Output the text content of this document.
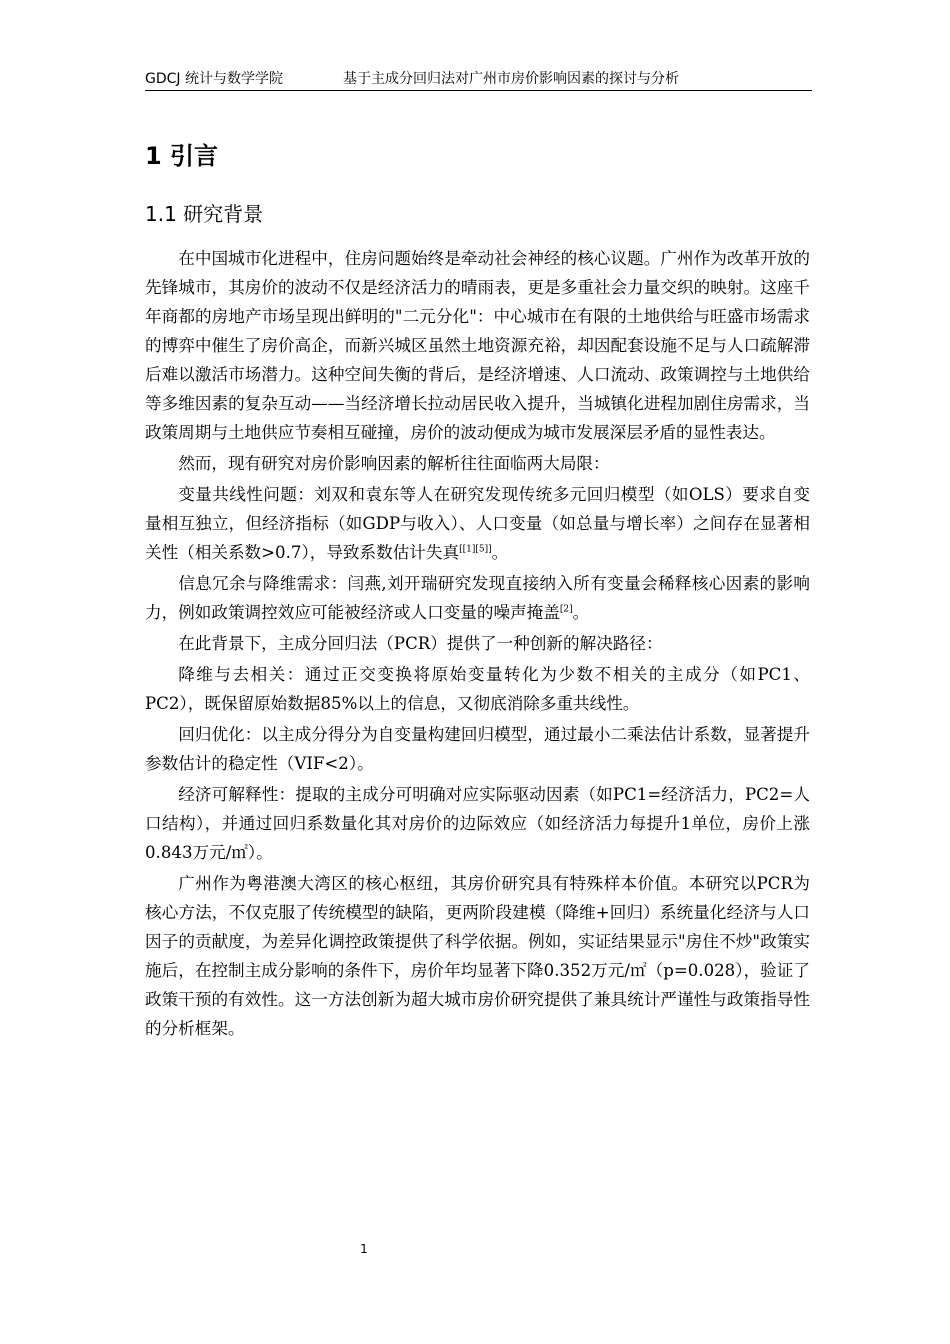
GDCJ 统计与数学学院	基于主成分回归法对广州市房价影响因素的探讨与分析
1 引言
1.1 研究背景

在中国城市化进程中，住房问题始终是牵动社会神经的核心议题。广州作为改革开放的先锋城市，其房价的波动不仅是经济活力的晴雨表，更是多重社会力量交织的映射。这座千年商都的房地产市场呈现出鲜明的"二元分化"：中心城市在有限的土地供给与旺盛市场需求的博弈中催生了房价高企，而新兴城区虽然土地资源充裕，却因配套设施不足与人口疏解滞后难以激活市场潜力。这种空间失衡的背后，是经济增速、人口流动、政策调控与土地供给等多维因素的复杂互动——当经济增长拉动居民收入提升，当城镇化进程加剧住房需求，当政策周期与土地供应节奏相互碰撞，房价的波动便成为城市发展深层矛盾的显性表达。

然而，现有研究对房价影响因素的解析往往面临两大局限：

变量共线性问题：刘双和袁东等人在研究发现传统多元回归模型（如OLS）要求自变量相互独立，但经济指标（如GDP与收入）、人口变量（如总量与增长率）之间存在显著相关性（相关系数>0.7），导致系数估计失真[[1][5]]。

信息冗余与降维需求：闫燕,刘开瑞研究发现直接纳入所有变量会稀释核心因素的影响力，例如政策调控效应可能被经济或人口变量的噪声掩盖[2]。

在此背景下，主成分回归法（PCR）提供了一种创新的解决路径：

降维与去相关：通过正交变换将原始变量转化为少数不相关的主成分（如PC1、PC2），既保留原始数据85%以上的信息，又彻底消除多重共线性。

回归优化：以主成分得分为自变量构建回归模型，通过最小二乘法估计系数，显著提升参数估计的稳定性（VIF<2）。

经济可解释性：提取的主成分可明确对应实际驱动因素（如PC1=经济活力，PC2=人口结构），并通过回归系数量化其对房价的边际效应（如经济活力每提升1单位，房价上涨0.843万元/㎡）。

广州作为粤港澳大湾区的核心枢纽，其房价研究具有特殊样本价值。本研究以PCR为核心方法，不仅克服了传统模型的缺陷，更两阶段建模（降维+回归）系统量化经济与人口因子的贡献度，为差异化调控政策提供了科学依据。例如，实证结果显示"房住不炒"政策实施后，在控制主成分影响的条件下，房价年均显著下降0.352万元/㎡（p=0.028），验证了政策干预的有效性。这一方法创新为超大城市房价研究提供了兼具统计严谨性与政策指导性的分析框架。

1
